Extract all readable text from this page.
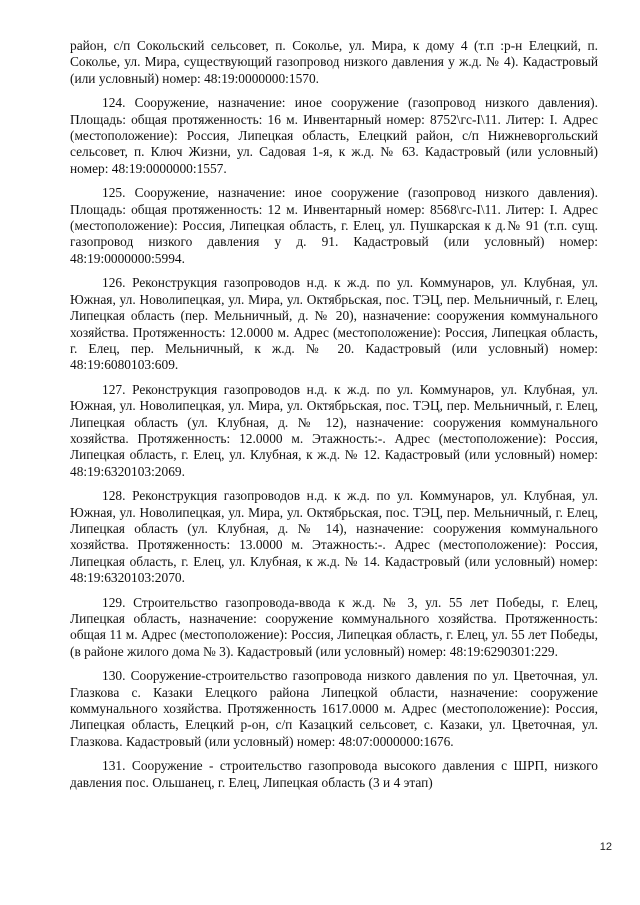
район, с/п Сокольский сельсовет, п. Соколье, ул. Мира, к дому 4 (т.п :р-н Елецкий, п. Соколье, ул. Мира, существующий газопровод низкого давления у ж.д. № 4). Кадастровый (или условный) номер: 48:19:0000000:1570.

124. Сооружение, назначение: иное сооружение (газопровод низкого давления). Площадь: общая протяженность: 16 м. Инвентарный номер: 8752\гс-I\11. Литер: I. Адрес (местоположение): Россия, Липецкая область, Елецкий район, с/п Нижневоргольский сельсовет, п. Ключ Жизни, ул. Садовая 1-я, к ж.д. № 63. Кадастровый (или условный) номер: 48:19:0000000:1557.

125. Сооружение, назначение: иное сооружение (газопровод низкого давления). Площадь: общая протяженность: 12 м. Инвентарный номер: 8568\гс-I\11. Литер: I. Адрес (местоположение): Россия, Липецкая область, г. Елец, ул. Пушкарская к д.№ 91 (т.п. сущ. газопровод низкого давления у д. 91. Кадастровый (или условный) номер: 48:19:0000000:5994.

126. Реконструкция газопроводов н.д. к ж.д. по ул. Коммунаров, ул. Клубная, ул. Южная, ул. Новолипецкая, ул. Мира, ул. Октябрьская, пос. ТЭЦ, пер. Мельничный, г. Елец, Липецкая область (пер. Мельничный, д. № 20), назначение: сооружения коммунального хозяйства. Протяженность: 12.0000 м. Адрес (местоположение): Россия, Липецкая область, г. Елец, пер. Мельничный, к ж.д. № 20. Кадастровый (или условный) номер: 48:19:6080103:609.

127. Реконструкция газопроводов н.д. к ж.д. по ул. Коммунаров, ул. Клубная, ул. Южная, ул. Новолипецкая, ул. Мира, ул. Октябрьская, пос. ТЭЦ, пер. Мельничный, г. Елец, Липецкая область (ул. Клубная, д. № 12), назначение: сооружения коммунального хозяйства. Протяженность: 12.0000 м. Этажность:-. Адрес (местоположение): Россия, Липецкая область, г. Елец, ул. Клубная, к ж.д. № 12. Кадастровый (или условный) номер: 48:19:6320103:2069.

128. Реконструкция газопроводов н.д. к ж.д. по ул. Коммунаров, ул. Клубная, ул. Южная, ул. Новолипецкая, ул. Мира, ул. Октябрьская, пос. ТЭЦ, пер. Мельничный, г. Елец, Липецкая область (ул. Клубная, д. № 14), назначение: сооружения коммунального хозяйства. Протяженность: 13.0000 м. Этажность:-. Адрес (местоположение): Россия, Липецкая область, г. Елец, ул. Клубная, к ж.д. № 14. Кадастровый (или условный) номер: 48:19:6320103:2070.

129. Строительство газопровода-ввода к ж.д. № 3, ул. 55 лет Победы, г. Елец, Липецкая область, назначение: сооружение коммунального хозяйства. Протяженность: общая 11 м. Адрес (местоположение): Россия, Липецкая область, г. Елец, ул. 55 лет Победы, (в районе жилого дома № 3). Кадастровый (или условный) номер: 48:19:6290301:229.

130. Сооружение-строительство газопровода низкого давления по ул. Цветочная, ул. Глазкова с. Казаки Елецкого района Липецкой области, назначение: сооружение коммунального хозяйства. Протяженность 1617.0000 м. Адрес (местоположение): Россия, Липецкая область, Елецкий р-он, с/п Казацкий сельсовет, с. Казаки, ул. Цветочная, ул. Глазкова. Кадастровый (или условный) номер: 48:07:0000000:1676.

131. Сооружение - строительство газопровода высокого давления с ШРП, низкого давления пос. Ольшанец, г. Елец, Липецкая область (3 и 4 этап)

12
